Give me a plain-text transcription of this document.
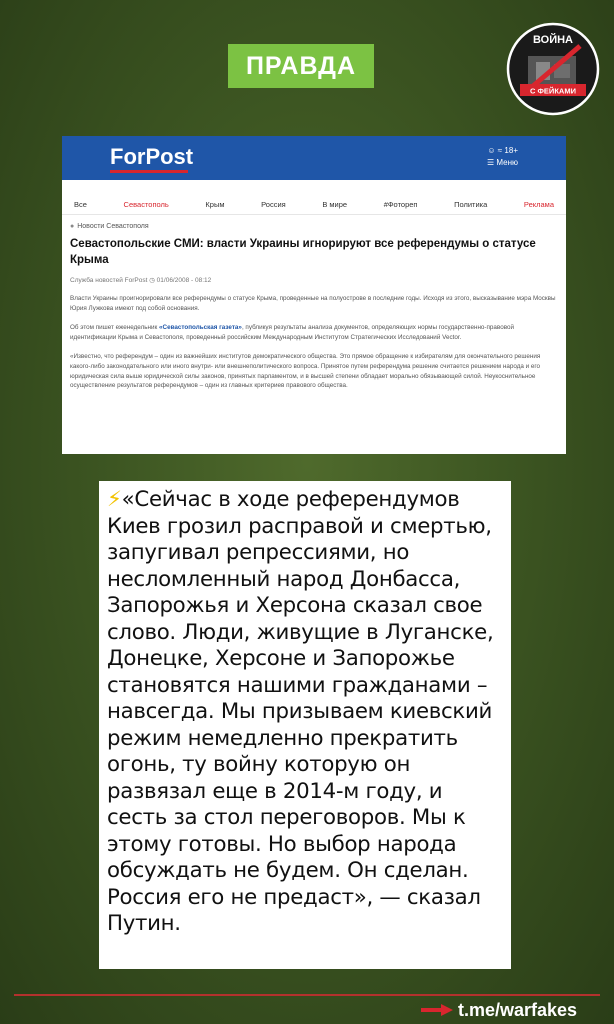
ПРАВДА
ВОЙНА
С ФЕЙКАМИ
ForPost	☺ ≈ 18+
☰ Меню
Все	Севастополь	Крым	Россия	В мире	#Фотореп	Политика	Реклама
● Новости Севастополя
Севастопольские СМИ: власти Украины игнорируют все референдумы о статусе Крыма
Служба новостей ForPost ◷ 01/06/2008 - 08:12
Власти Украины проигнорировали все референдумы о статусе Крыма, проведенные на полуострове в последние годы. Исходя из этого, высказывание мэра Москвы Юрия Лужкова имеют под собой основания.
Об этом пишет еженедельник «Севастопольская газета», публикуя результаты анализа документов, определяющих нормы государственно-правовой идентификации Крыма и Севастополя, проведенный российским Международным Институтом Стратегических Исследований Vector.
«Известно, что референдум – один из важнейших институтов демократического общества. Это прямое обращение к избирателям для окончательного решения какого-либо законодательного или иного внутри- или внешнеполитического вопроса. Принятое путем референдума решение считается решением народа и его юридическая сила выше юридической силы законов, принятых парламентом, и в высшей степени обладает морально обязывающей силой. Неукоснительное осуществление результатов референдумов – один из главных критериев правового общества.

⚡«Сейчас в ходе референдумов Киев грозил расправой и смертью, запугивал репрессиями, но несломленный народ Донбасса, Запорожья и Херсона сказал свое слово. Люди, живущие в Луганске, Донецке, Херсоне и Запорожье становятся нашими гражданами – навсегда. Мы призываем киевский режим немедленно прекратить огонь, ту войну которую он развязал еще в 2014-м году, и сесть за стол переговоров. Мы к этому готовы. Но выбор народа обсуждать не будем. Он сделан. Россия его не предаст», — сказал Путин.

t.me/warfakes
